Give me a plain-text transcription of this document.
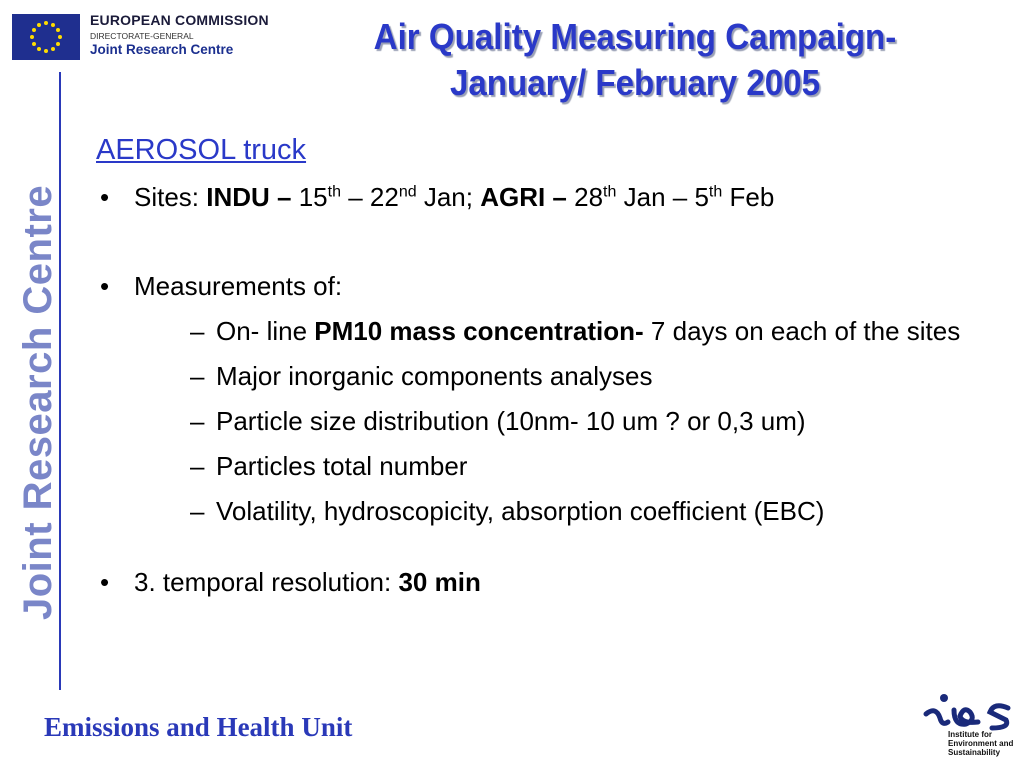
EUROPEAN COMMISSION
DIRECTORATE-GENERAL
Joint Research Centre	Air Quality Measuring Campaign-
January/ February 2005
Joint Research Centre
AEROSOL truck
• Sites: INDU – 15th – 22nd Jan; AGRI – 28th Jan – 5th Feb
• Measurements of:
– On- line PM10 mass concentration- 7 days on each of the sites
– Major inorganic components analyses
– Particle size distribution (10nm- 10 um ? or 0,3 um)
– Particles total number
– Volatility, hydroscopicity, absorption coefficient (EBC)
• 3. temporal resolution: 30 min
Emissions and Health Unit	Institute for
Environment and
Sustainability
